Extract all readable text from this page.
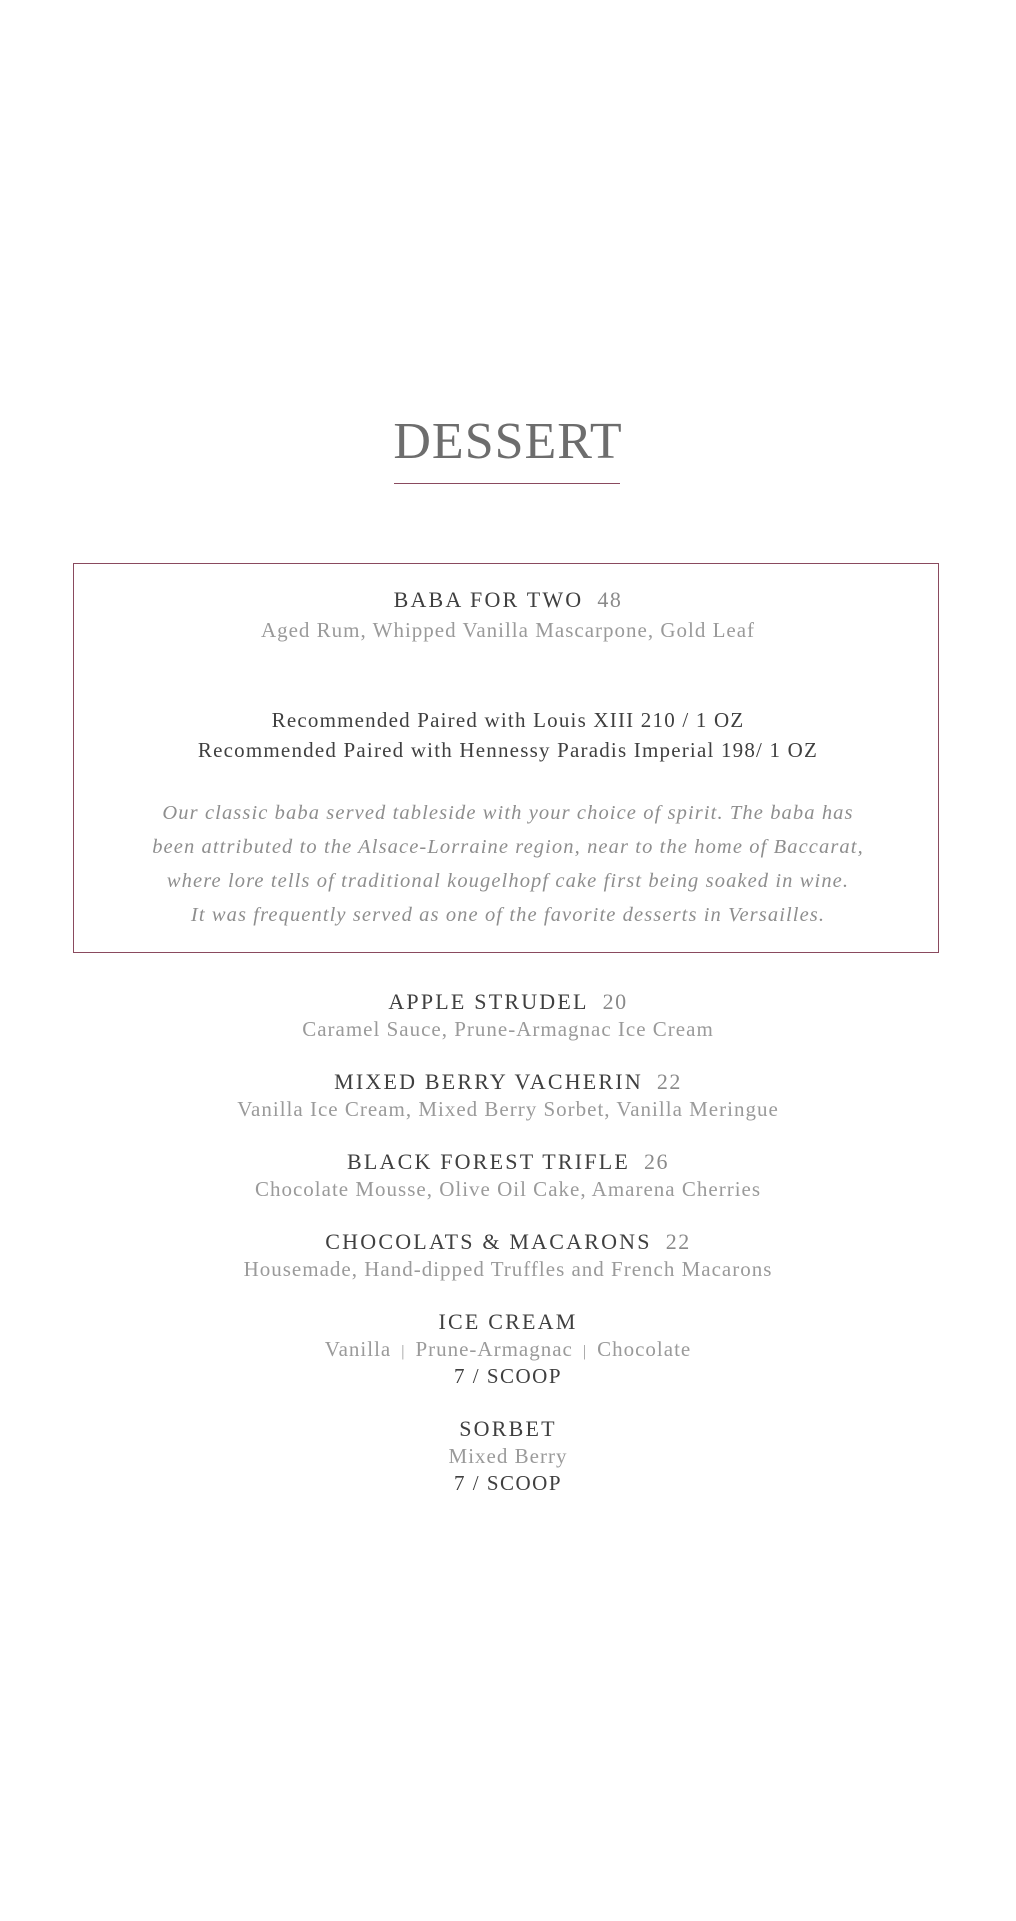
DESSERT
BABA FOR TWO 48
Aged Rum, Whipped Vanilla Mascarpone, Gold Leaf
Recommended Paired with Louis XIII 210 / 1 OZ
Recommended Paired with Hennessy Paradis Imperial 198/ 1 OZ
Our classic baba served tableside with your choice of spirit. The baba has
been attributed to the Alsace-Lorraine region, near to the home of Baccarat,
where lore tells of traditional kougelhopf cake first being soaked in wine.
It was frequently served as one of the favorite desserts in Versailles.
APPLE STRUDEL 20
Caramel Sauce, Prune-Armagnac Ice Cream
MIXED BERRY VACHERIN 22
Vanilla Ice Cream, Mixed Berry Sorbet, Vanilla Meringue
BLACK FOREST TRIFLE 26
Chocolate Mousse, Olive Oil Cake, Amarena Cherries
CHOCOLATS & MACARONS 22
Housemade, Hand-dipped Truffles and French Macarons
ICE CREAM
Vanilla | Prune-Armagnac | Chocolate
7 / SCOOP
SORBET
Mixed Berry
7 / SCOOP
